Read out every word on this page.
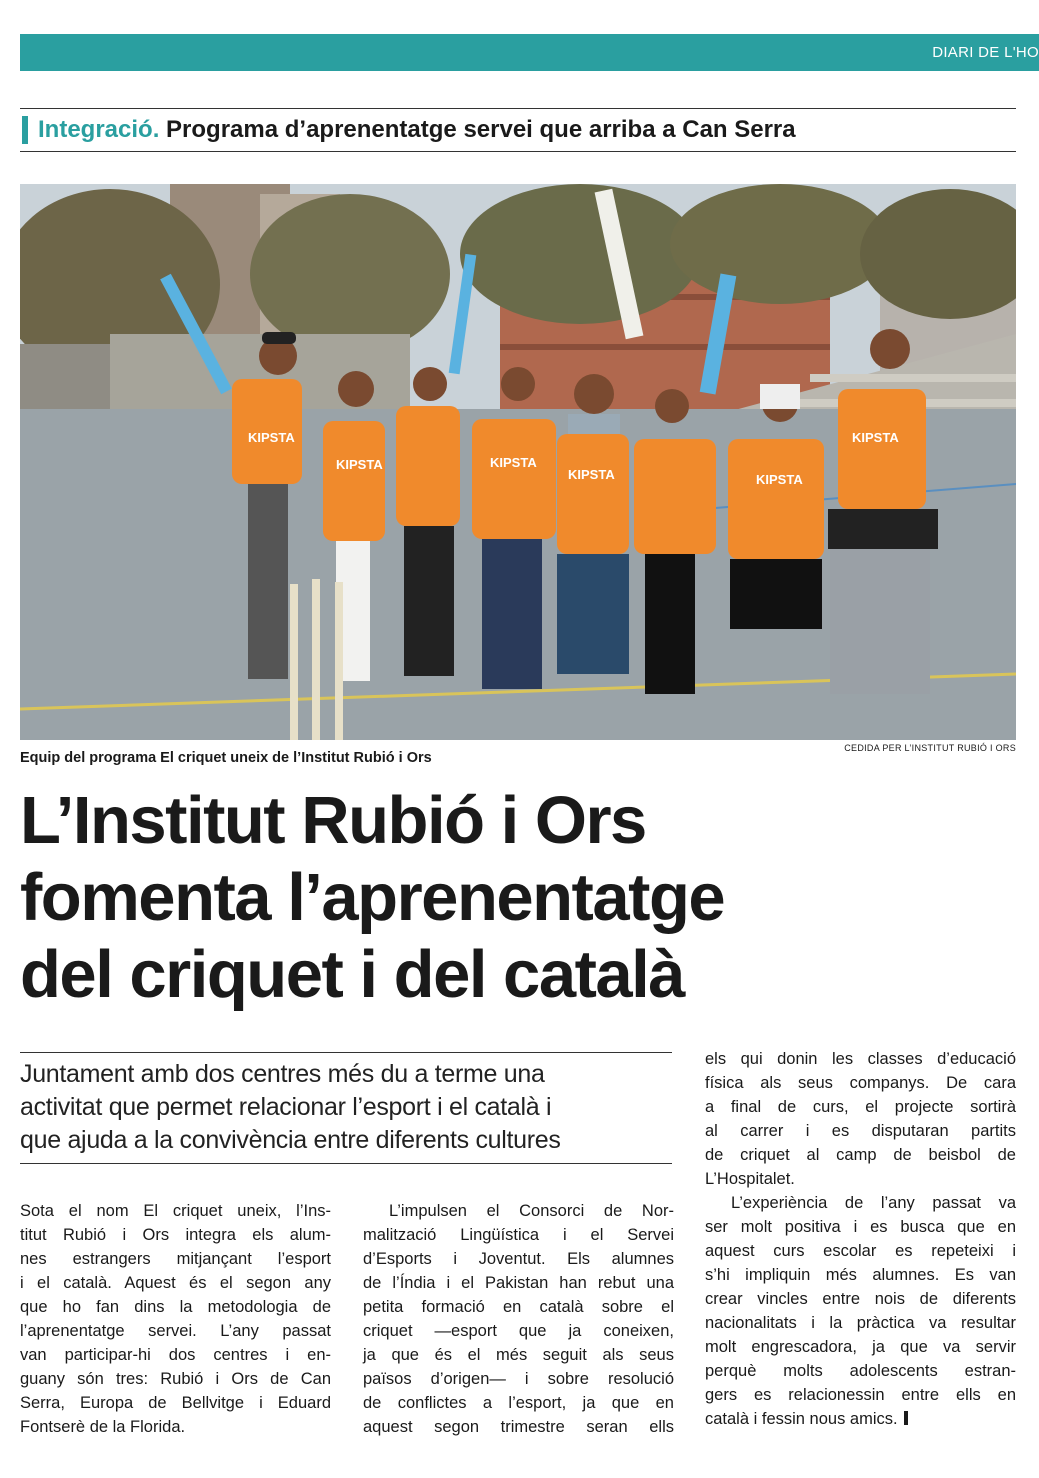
DIARI DE L'HO
Integració. Programa d’aprenentatge servei que arriba a Can Serra
KIPSTA
KIPSTA	KIPSTA
KIPSTA	KIPSTA
KIPSTA
Equip del programa El criquet uneix de l’Institut Rubió i Ors
CEDIDA PER L’INSTITUT RUBIÓ I ORS
L’Institut Rubió i Ors
fomenta l’aprenentatge
del criquet i del català
Juntament amb dos centres més du a terme una
activitat que permet relacionar l’esport i el català i
que ajuda a la convivència entre diferents cultures
Sota el nom El criquet uneix, l’Ins-
titut Rubió i Ors integra els alum-
nes estrangers mitjançant l’esport
i el català. Aquest és el segon any
que ho fan dins la metodologia de
l’aprenentatge servei. L’any passat
van participar-hi dos centres i en-
guany són tres: Rubió i Ors de Can
Serra, Europa de Bellvitge i Eduard
Fontserè de la Florida.
L’impulsen el Consorci de Nor-
malització Lingüística i el Servei
d’Esports i Joventut. Els alumnes
de l’Índia i el Pakistan han rebut una
petita formació en català sobre el
criquet —esport que ja coneixen,
ja que és el més seguit als seus
països d’origen— i sobre resolució
de conflictes a l’esport, ja que en
aquest segon trimestre seran ells
els qui donin les classes d’educació
física als seus companys. De cara
a final de curs, el projecte sortirà
al carrer i es disputaran partits
de criquet al camp de beisbol de
L’Hospitalet.
L’experiència de l’any passat va
ser molt positiva i es busca que en
aquest curs escolar es repeteixi i
s’hi impliquin més alumnes. Es van
crear vincles entre nois de diferents
nacionalitats i la pràctica va resultar
molt engrescadora, ja que va servir
perquè molts adolescents estran-
gers es relacionessin entre ells en
català i fessin nous amics.
